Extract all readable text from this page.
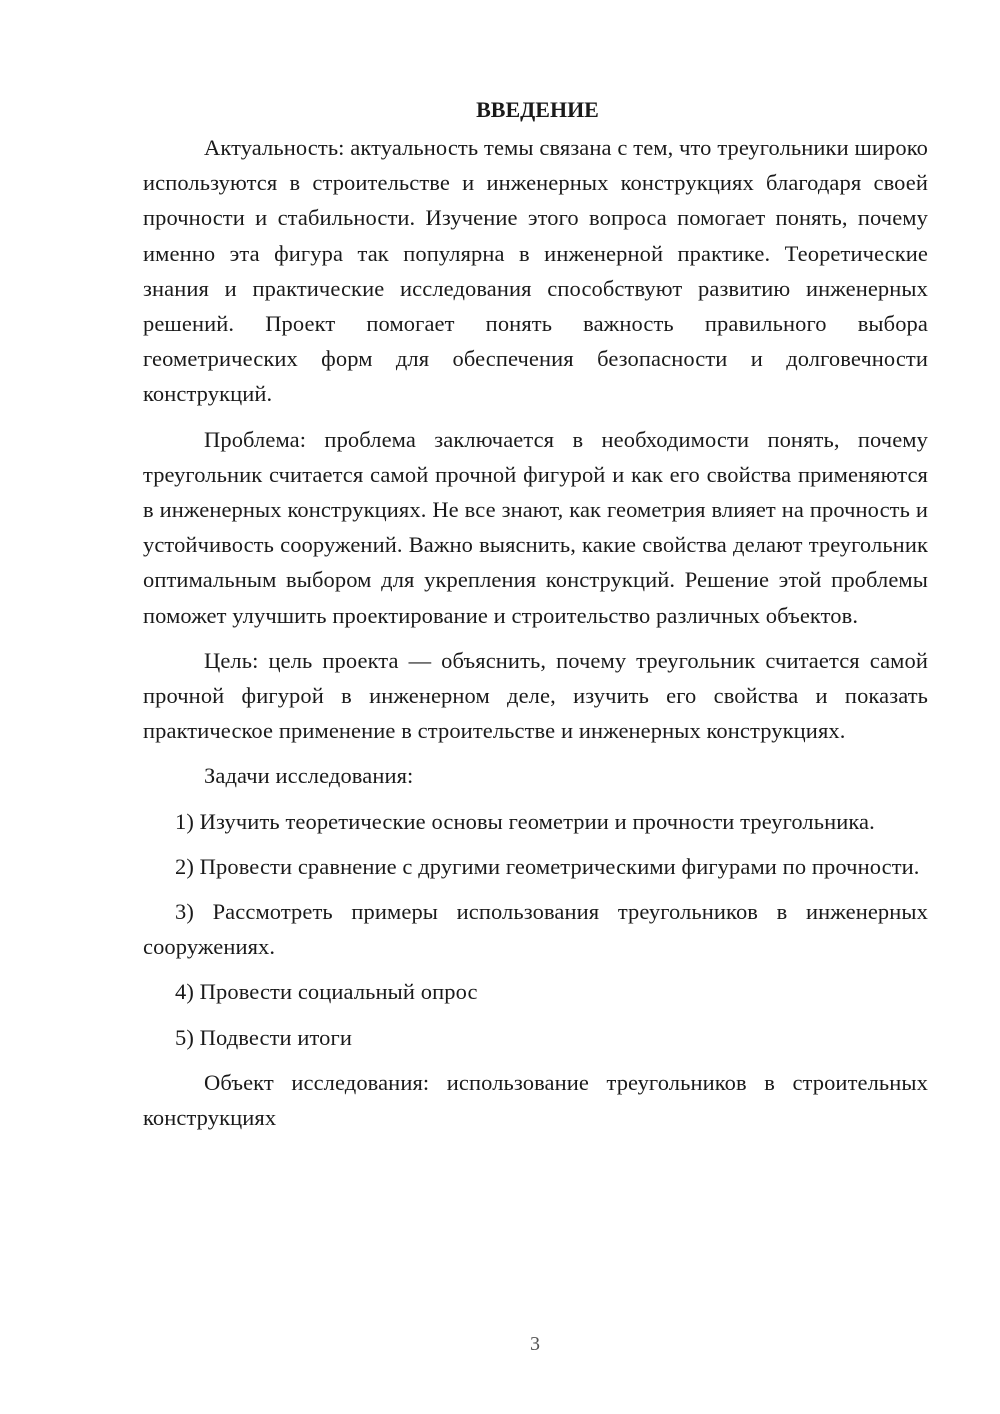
ВВЕДЕНИЕ

Актуальность: актуальность темы связана с тем, что треугольники широко используются в строительстве и инженерных конструкциях благодаря своей прочности и стабильности. Изучение этого вопроса помогает понять, почему именно эта фигура так популярна в инженерной практике. Теоретические знания и практические исследования способствуют развитию инженерных решений. Проект помогает понять важность правильного выбора геометрических форм для обеспечения безопасности и долговечности конструкций.

Проблема: проблема заключается в необходимости понять, почему треугольник считается самой прочной фигурой и как его свойства применяются в инженерных конструкциях. Не все знают, как геометрия влияет на прочность и устойчивость сооружений. Важно выяснить, какие свойства делают треугольник оптимальным выбором для укрепления конструкций. Решение этой проблемы поможет улучшить проектирование и строительство различных объектов.

Цель: цель проекта — объяснить, почему треугольник считается самой прочной фигурой в инженерном деле, изучить его свойства и показать практическое применение в строительстве и инженерных конструкциях.

Задачи исследования:

1) Изучить теоретические основы геометрии и прочности треугольника.

2) Провести сравнение с другими геометрическими фигурами по прочности.

3) Рассмотреть примеры использования треугольников в инженерных сооружениях.

4) Провести социальный опрос

5) Подвести итоги

Объект исследования: использование треугольников в строительных конструкциях

3
